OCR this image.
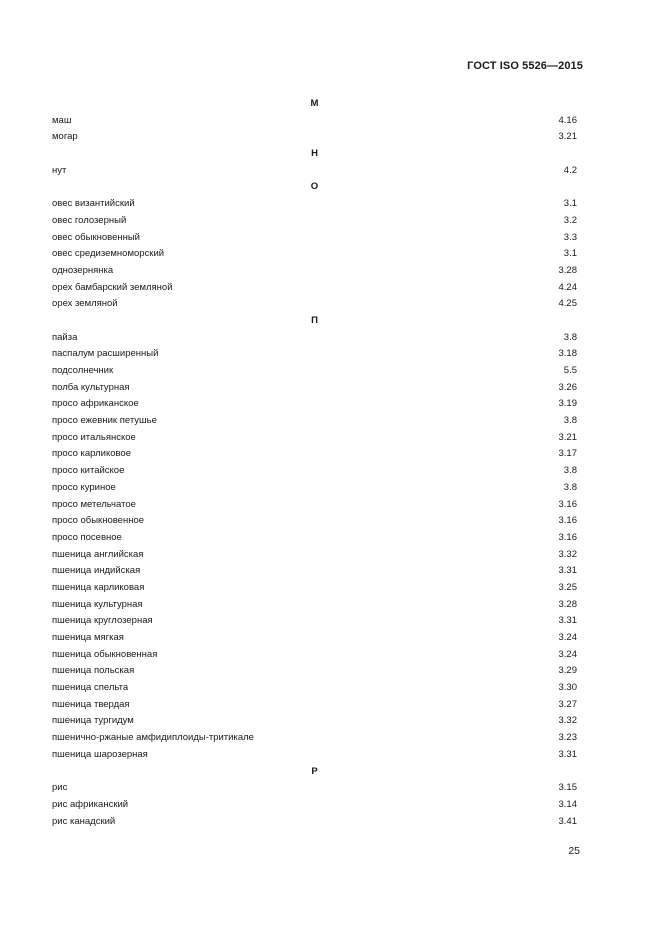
ГОСТ ISO 5526—2015
М
маш	4.16
могар	3.21
Н
нут	4.2
О
овес византийский	3.1
овес голозерный	3.2
овес обыкновенный	3.3
овес средиземноморский	3.1
однозернянка	3.28
орех бамбарский земляной	4.24
орех земляной	4.25
П
пайза	3.8
паспалум расширенный	3.18
подсолнечник	5.5
полба культурная	3.26
просо африканское	3.19
просо ежевник петушье	3.8
просо итальянское	3.21
просо карликовое	3.17
просо китайское	3.8
просо куриное	3.8
просо метельчатое	3.16
просо обыкновенное	3.16
просо посевное	3.16
пшеница английская	3.32
пшеница индийская	3.31
пшеница карликовая	3.25
пшеница культурная	3.28
пшеница круглозерная	3.31
пшеница мягкая	3.24
пшеница обыкновенная	3.24
пшеница польская	3.29
пшеница спельта	3.30
пшеница твердая	3.27
пшеница тургидум	3.32
пшенично-ржаные амфидиплоиды-тритикале	3.23
пшеница шарозерная	3.31
Р
рис	3.15
рис африканский	3.14
рис канадский	3.41
25
